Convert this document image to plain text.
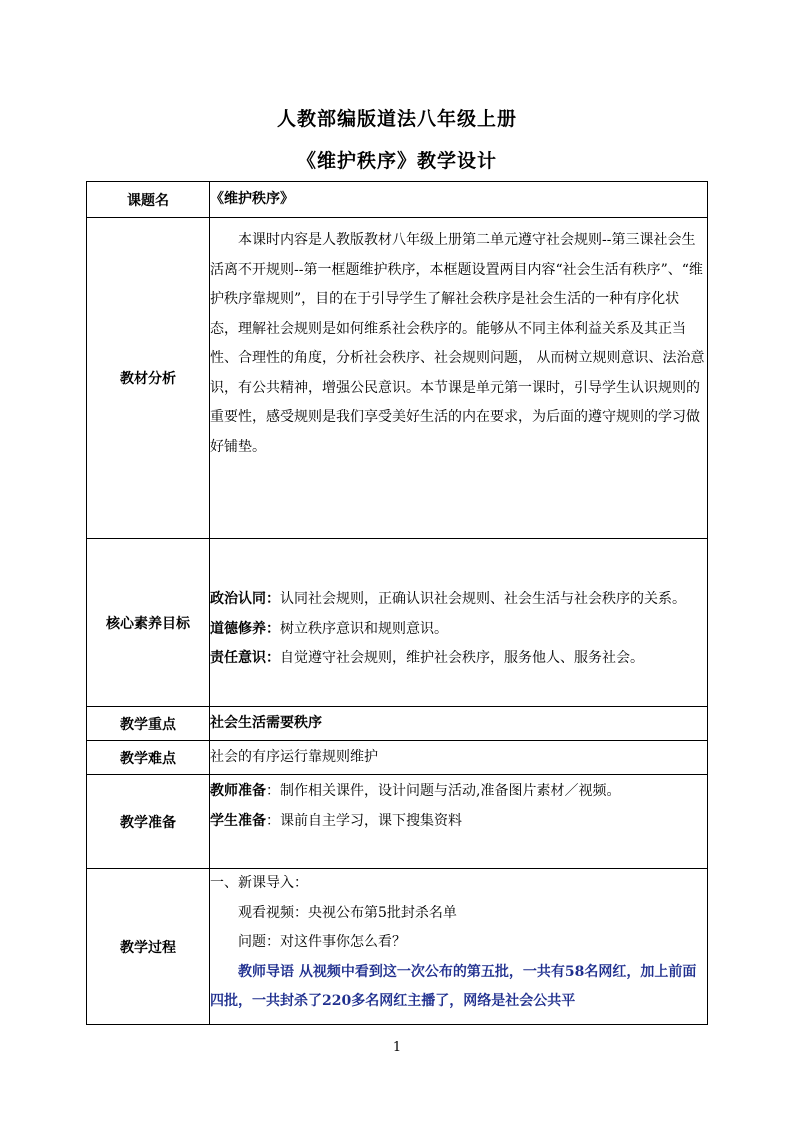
人教部编版道法八年级上册
《维护秩序》教学设计
课题名	《维护秩序》
教材分析	本课时内容是人教版教材八年级上册第二单元遵守社会规则--第三课社会生活离不开规则--第一框题维护秩序，本框题设置两目内容“社会生活有秩序”、“维护秩序靠规则”，目的在于引导学生了解社会秩序是社会生活的一种有序化状态，理解社会规则是如何维系社会秩序的。能够从不同主体利益关系及其正当性、合理性的角度，分析社会秩序、社会规则问题， 从而树立规则意识、法治意识，有公共精神，增强公民意识。本节课是单元第一课时，引导学生认识规则的重要性，感受规则是我们享受美好生活的内在要求，为后面的遵守规则的学习做好铺垫。

核心素养目标	政治认同：认同社会规则，正确认识社会规则、社会生活与社会秩序的关系。

道德修养：树立秩序意识和规则意识。

责任意识：自觉遵守社会规则，维护社会秩序，服务他人、服务社会。

教学重点	社会生活需要秩序
教学难点	社会的有序运行靠规则维护
教学准备	教师准备：制作相关课件，设计问题与活动,准备图片素材／视频。

学生准备：课前自主学习，课下搜集资料

教学过程	一、新课导入：

观看视频：央视公布第5批封杀名单

问题：对这件事你怎么看？

教师导语 从视频中看到这一次公布的第五批，一共有58名网红，加上前面四批，一共封杀了220多名网红主播了，网络是社会公共平

1
